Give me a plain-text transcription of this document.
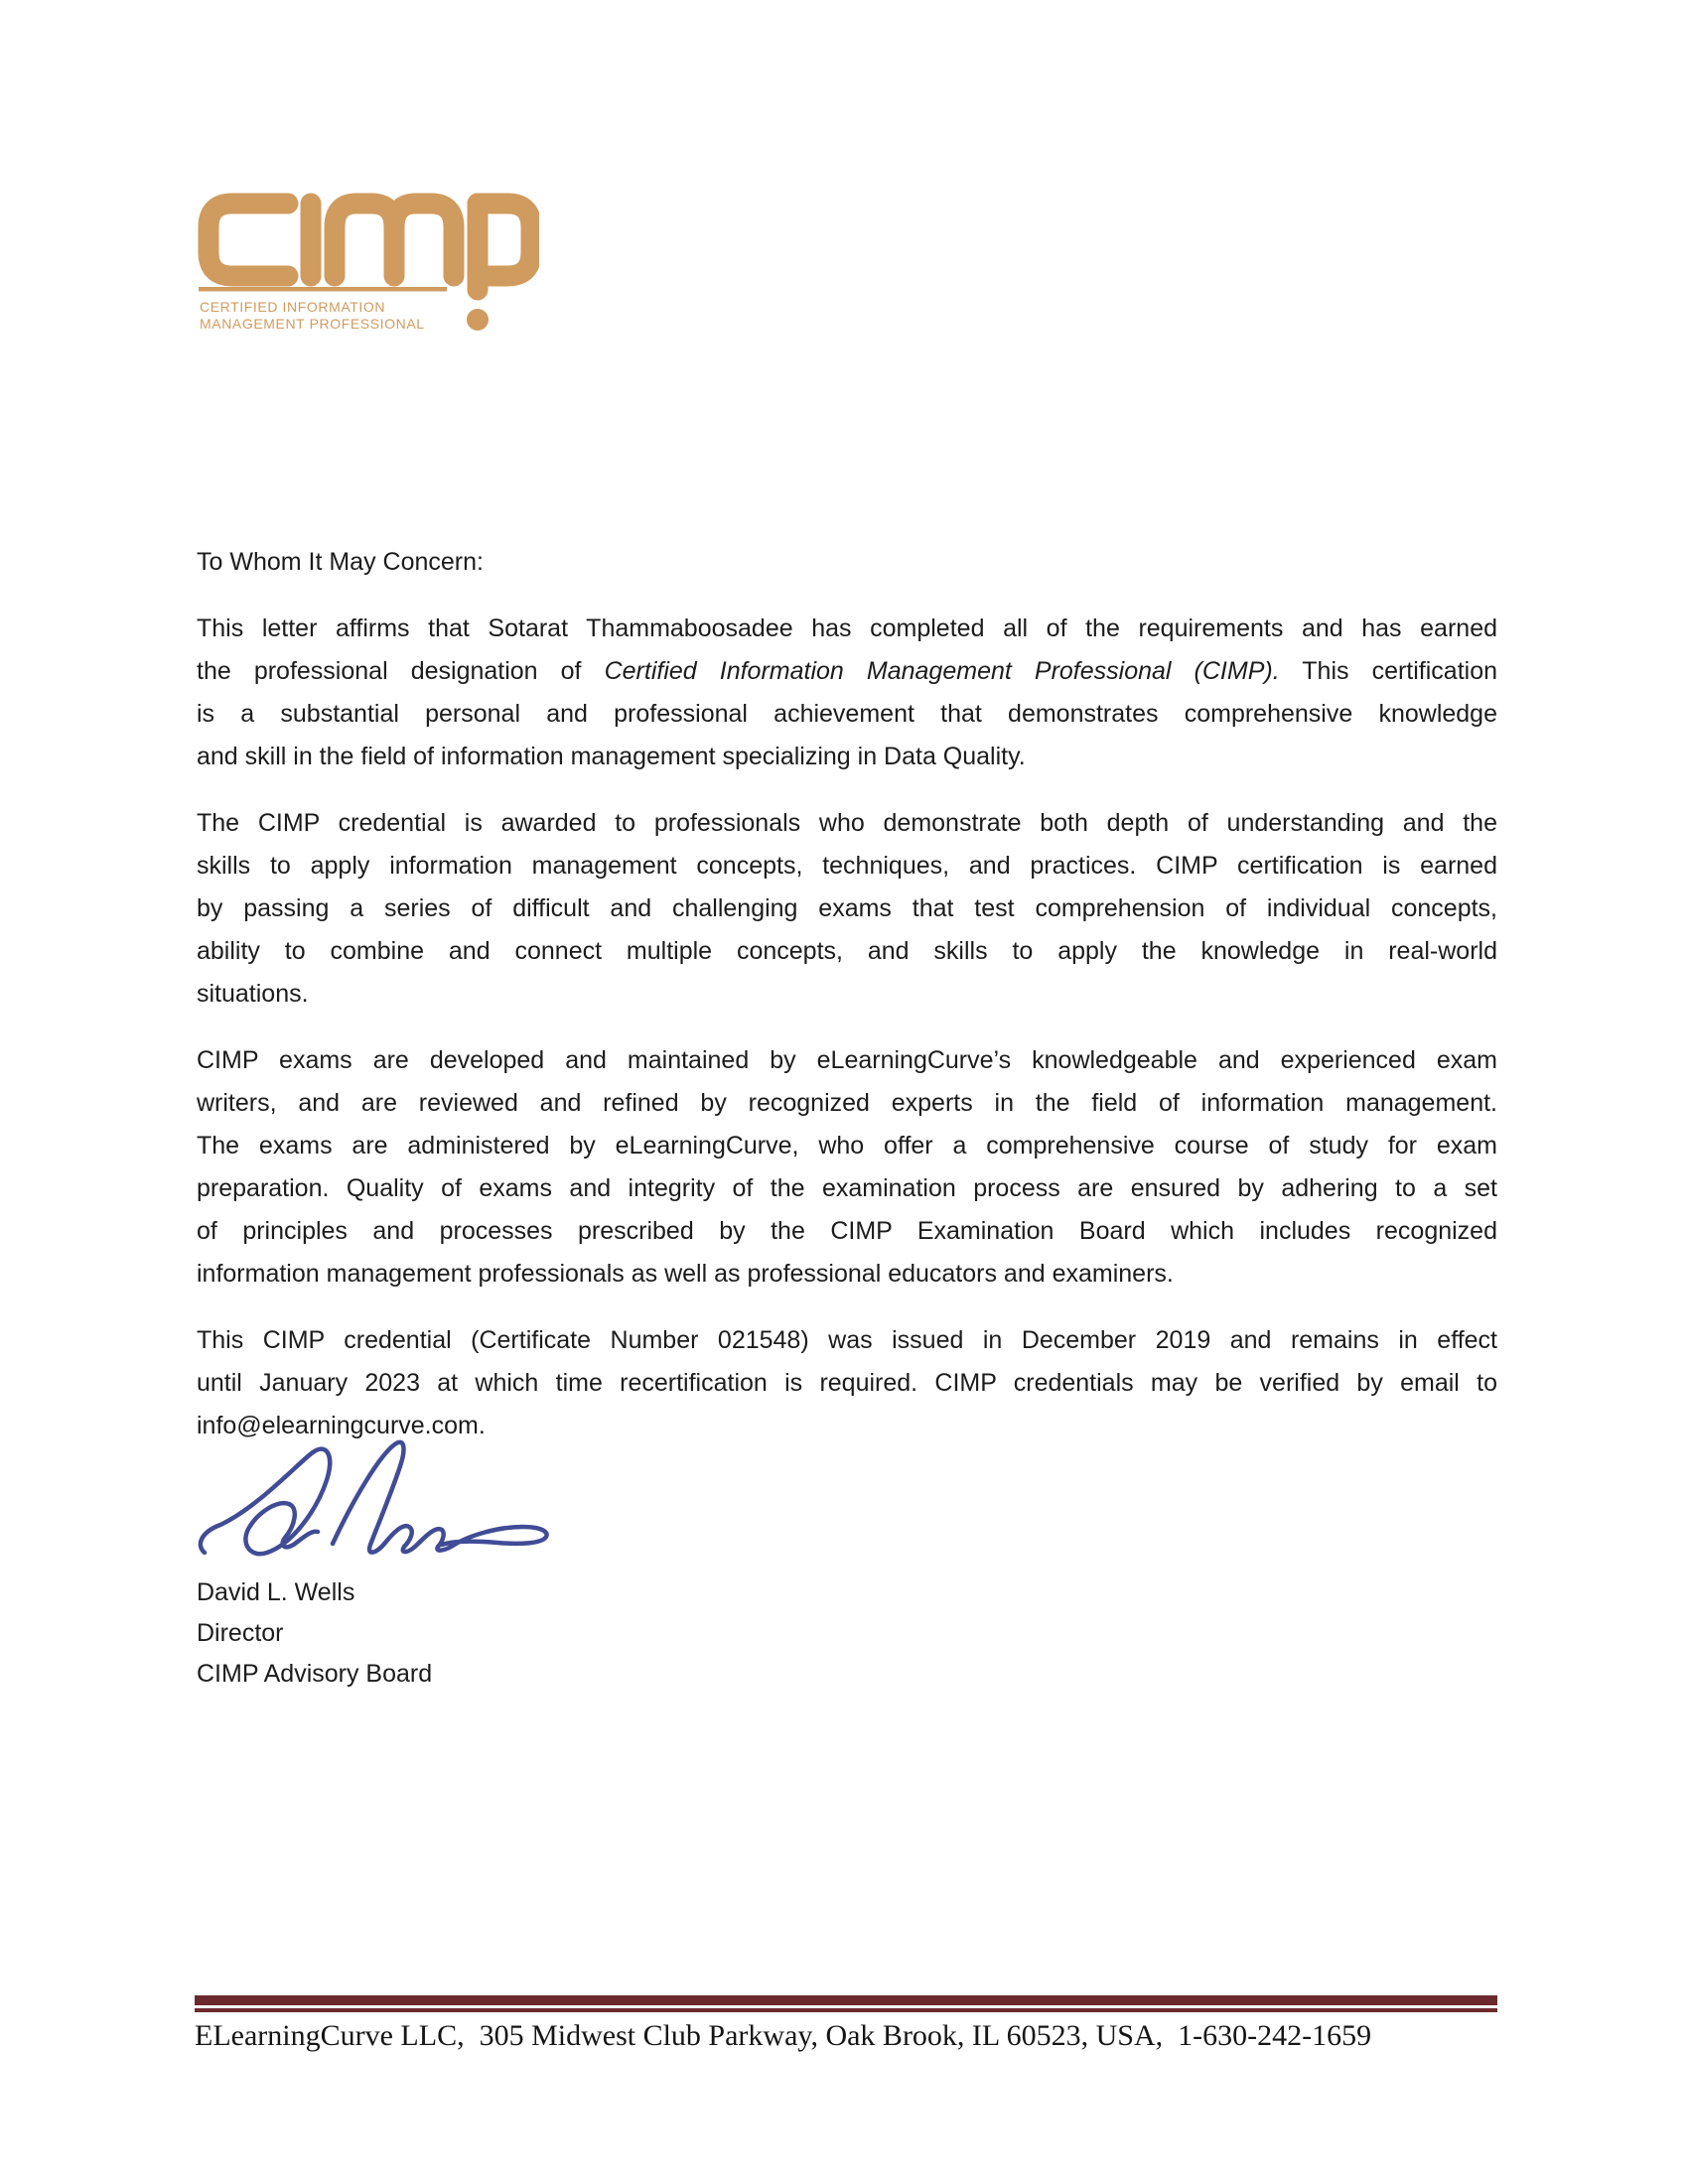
CERTIFIED INFORMATION
MANAGEMENT PROFESSIONAL
To Whom It May Concern:
This letter affirms that Sotarat Thammaboosadee has completed all of the requirements and has earned
the professional designation of Certified Information Management Professional (CIMP). This certification
is a substantial personal and professional achievement that demonstrates comprehensive knowledge
and skill in the field of information management specializing in Data Quality.
The CIMP credential is awarded to professionals who demonstrate both depth of understanding and the
skills to apply information management concepts, techniques, and practices. CIMP certification is earned
by passing a series of difficult and challenging exams that test comprehension of individual concepts,
ability to combine and connect multiple concepts, and skills to apply the knowledge in real-world
situations.
CIMP exams are developed and maintained by eLearningCurve’s knowledgeable and experienced exam
writers, and are reviewed and refined by recognized experts in the field of information management.
The exams are administered by eLearningCurve, who offer a comprehensive course of study for exam
preparation. Quality of exams and integrity of the examination process are ensured by adhering to a set
of principles and processes prescribed by the CIMP Examination Board which includes recognized
information management professionals as well as professional educators and examiners.
This CIMP credential (Certificate Number 021548) was issued in December 2019 and remains in effect
until January 2023 at which time recertification is required. CIMP credentials may be verified by email to
info@elearningcurve.com.
David L. Wells
Director
CIMP Advisory Board
ELearningCurve LLC,  305 Midwest Club Parkway, Oak Brook, IL 60523, USA,  1-630-242-1659
